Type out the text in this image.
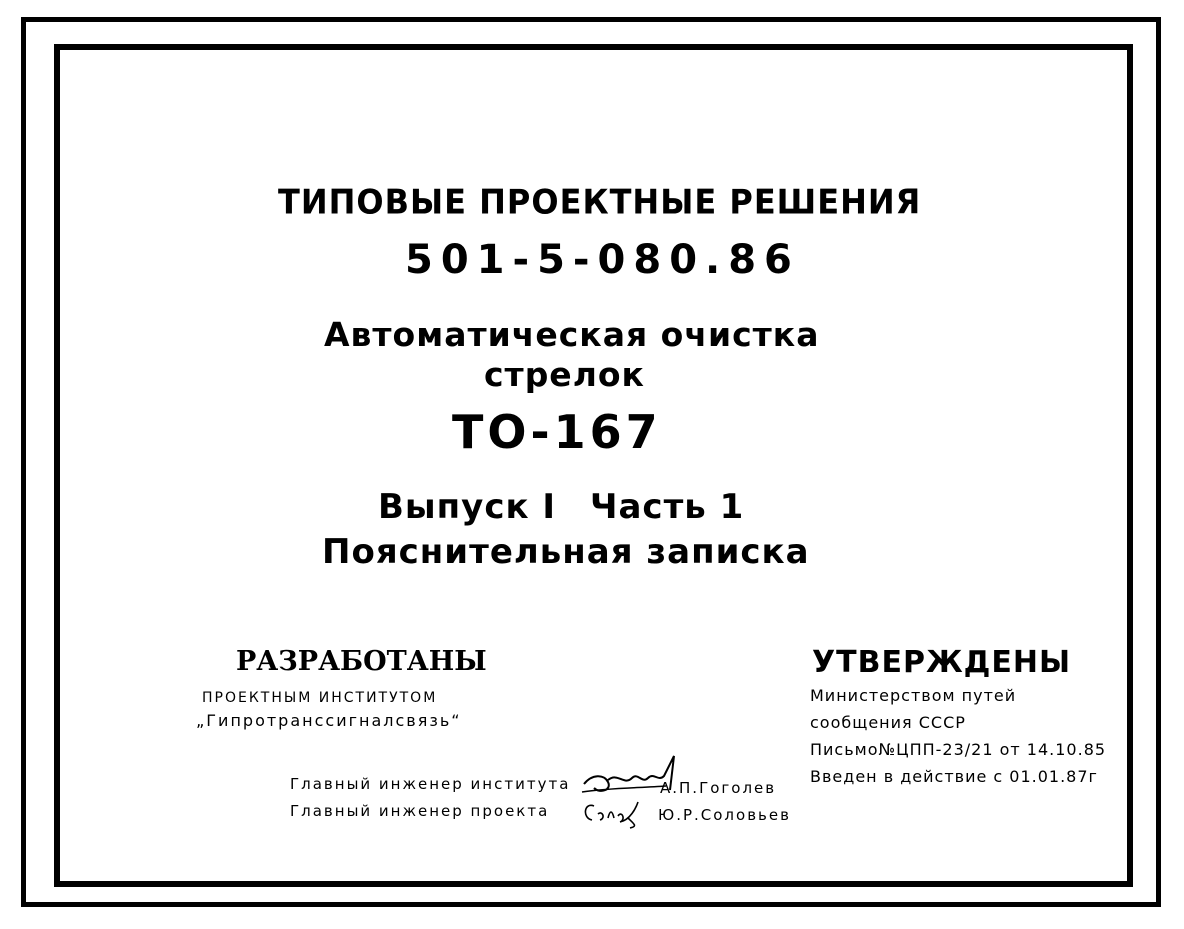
ТИПОВЫЕ ПРОЕКТНЫЕ РЕШЕНИЯ
501-5-080.86
Автоматическая очистка
стрелок
ТО-167
Выпуск I Часть 1
Пояснительная записка
РАЗРАБОТАНЫ
ПРОЕКТНЫМ ИНСТИТУТОМ
„Гипротранссигналсвязь“
УТВЕРЖДЕНЫ
Министерством путей
сообщения СССР
Письмо№ЦПП-23/21 от 14.10.85
Введен в действие с 01.01.87г
Главный инженер института	А.П.Гоголев
Главный инженер проекта	Ю.Р.Соловьев
